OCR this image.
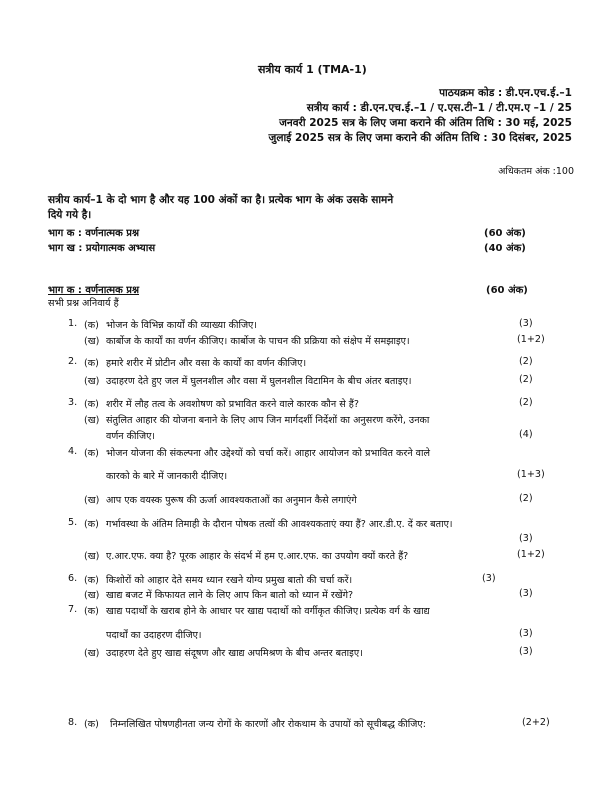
सत्रीय कार्य 1 (TMA-1)
पाठयक्रम कोड : डी.एन.एच.ई.–1
सत्रीय कार्य : डी.एन.एच.ई.–1 / ए.एस.टी–1 / टी.एम.ए –1 / 25
जनवरी 2025 सत्र के लिए जमा कराने की अंतिम तिथि : 30 मई, 2025
जुलाई 2025 सत्र के लिए जमा कराने की अंतिम तिथि : 30 दिसंबर, 2025
अधिकतम अंक :100
सत्रीय कार्य–1 के दो भाग है और यह 100 अंकों का है। प्रत्येक भाग के अंक उसके सामने
दिये गये है।
भाग क : वर्णनात्मक प्रश्न	(60 अंक)
भाग ख : प्रयोगात्मक अभ्यास	(40 अंक)
भाग क : वर्णनात्मक प्रश्न	(60 अंक)
सभी प्रश्न अनिवार्य हैं
1. (क) भोजन के विभिन्न कार्यों की व्याख्या कीजिए।	(3)
(ख) कार्बोज के कार्यों का वर्णन कीजिए। कार्बोज के पाचन की प्रक्रिया को संक्षेप में समझाइए।	(1+2)
2. (क) हमारे शरीर में प्रोटीन और वसा के कार्यों का वर्णन कीजिए।	(2)
(ख) उदाहरण देते हुए जल में घुलनशील और वसा में घुलनशील विटामिन के बीच अंतर बताइए।	(2)
3. (क) शरीर में लौह तत्व के अवशोषण को प्रभावित करने वाले कारक कौन से हैं?	(2)
(ख) संतुलित आहार की योजना बनाने के लिए आप जिन मार्गदर्शी निर्देशों का अनुसरण करेंगे, उनका
वर्णन कीजिए।	(4)
4. (क) भोजन योजना की संकल्पना और उद्देश्यों को चर्चा करें। आहार आयोजन को प्रभावित करने वाले
कारको के बारे में जानकारी दीजिए।	(1+3)
(ख) आप एक वयस्क पुरूष की ऊर्जा आवश्यकताओं का अनुमान कैसे लगाएंगे	(2)
5. (क) गर्भावस्था के अंतिम तिमाही के दौरान पोषक तत्वों की आवश्यकताएं क्या हैं? आर.डी.ए. दें कर बताए।
(3)
(ख) ए.आर.एफ. क्या है? पूरक आहार के संदर्भ में हम ए.आर.एफ. का उपयोग क्यों करते हैं?	(1+2)
6. (क) किशोरों को आहार देते समय ध्यान रखने योग्य प्रमुख बातो की चर्चा करें।	(3)
(ख) खाद्य बजट में किफायत लाने के लिए आप किन बातो को ध्यान में रखेंगे?	(3)
7. (क) खाद्य पदार्थों के खराब होने के आधार पर खाद्य पदार्थो को वर्गीकृत कीजिए। प्रत्येक वर्ग के खाद्य
पदार्थों का उदाहरण दीजिए।	(3)
(ख) उदाहरण देते हुए खाद्य संदूषण और खाद्य अपमिश्रण के बीच अन्तर बताइए।	(3)
8. (क) निम्नलिखित पोषणहीनता जन्य रोगों के कारणों और रोकथाम के उपायों को सूचीबद्ध कीजिए:	(2+2)
